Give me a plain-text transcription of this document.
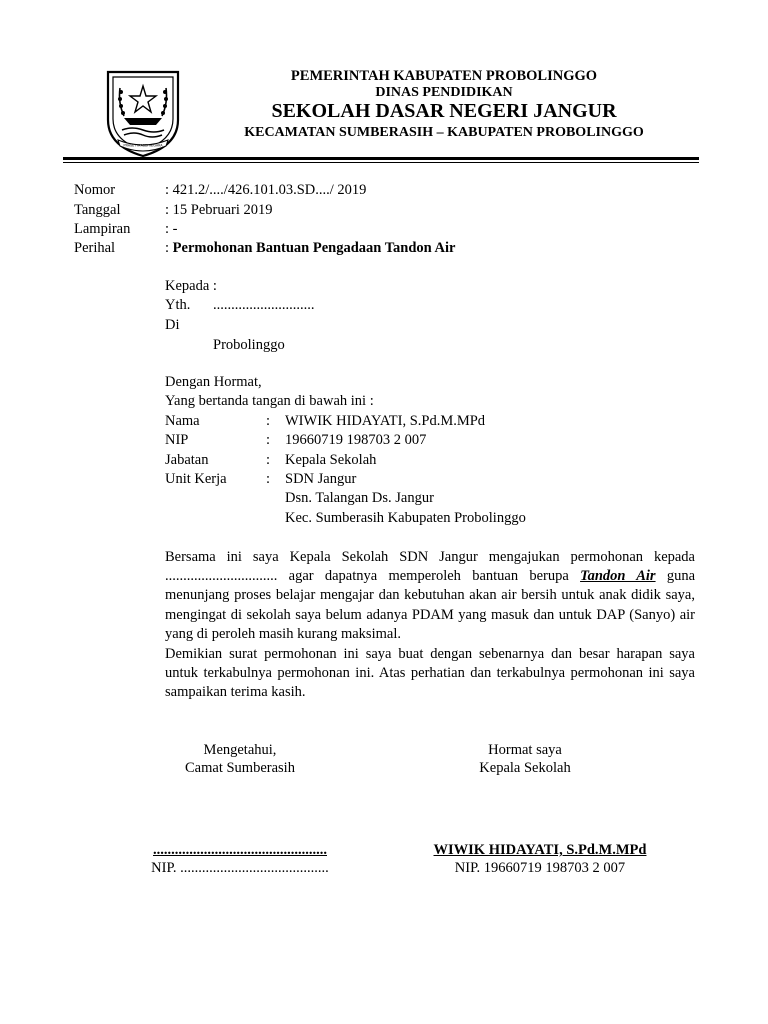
PRASETYA ABDI NEGARA
PEMERINTAH KABUPATEN PROBOLINGGO
DINAS PENDIDIKAN
SEKOLAH DASAR NEGERI JANGUR
KECAMATAN SUMBERASIH – KABUPATEN PROBOLINGGO
Nomor	: 421.2/..../426.101.03.SD..../ 2019
Tanggal	: 15 Pebruari 2019
Lampiran : -
Perihal	: Permohonan Bantuan Pengadaan Tandon Air
Kepada :
Yth. ............................
Di
Probolinggo
Dengan Hormat,
Yang bertanda tangan di bawah ini :
Nama	: WIWIK HIDAYATI, S.Pd.M.MPd
NIP	: 19660719 198703 2 007
Jabatan	: Kepala Sekolah
Unit Kerja	: SDN Jangur
Dsn. Talangan Ds. Jangur
Kec. Sumberasih Kabupaten Probolinggo
Bersama ini saya Kepala Sekolah SDN Jangur mengajukan permohonan kepada ............................... agar dapatnya memperoleh bantuan berupa Tandon Air guna menunjang proses belajar mengajar dan kebutuhan akan air bersih untuk anak didik saya, mengingat di sekolah saya belum adanya PDAM yang masuk dan untuk DAP (Sanyo) air yang di peroleh masih kurang maksimal.
Demikian surat permohonan ini saya buat dengan sebenarnya dan besar harapan saya untuk terkabulnya permohonan ini. Atas perhatian dan terkabulnya permohonan ini saya sampaikan terima kasih.
Mengetahui,
Camat Sumberasih
Hormat saya
Kepala Sekolah
................................................
NIP. .........................................
WIWIK HIDAYATI, S.Pd.M.MPd
NIP. 19660719 198703 2 007
